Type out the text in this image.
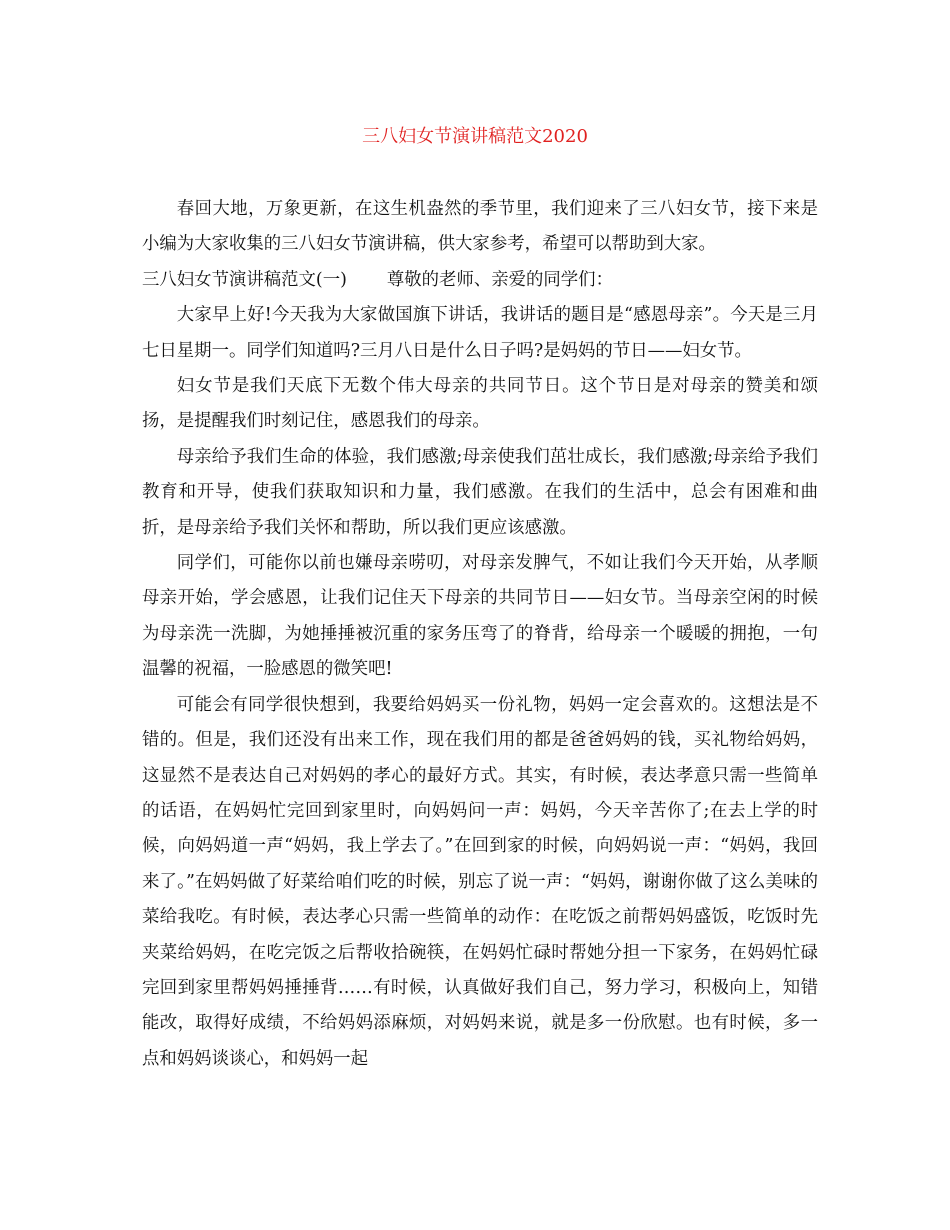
三八妇女节演讲稿范文2020

春回大地，万象更新，在这生机盎然的季节里，我们迎来了三八妇女节，接下来是小编为大家收集的三八妇女节演讲稿，供大家参考，希望可以帮助到大家。

三八妇女节演讲稿范文(一) 尊敬的老师、亲爱的同学们：

大家早上好!今天我为大家做国旗下讲话，我讲话的题目是“感恩母亲”。今天是三月七日星期一。同学们知道吗?三月八日是什么日子吗?是妈妈的节日——妇女节。

妇女节是我们天底下无数个伟大母亲的共同节日。这个节日是对母亲的赞美和颂扬，是提醒我们时刻记住，感恩我们的母亲。

母亲给予我们生命的体验，我们感激;母亲使我们茁壮成长，我们感激;母亲给予我们教育和开导，使我们获取知识和力量，我们感激。在我们的生活中，总会有困难和曲折，是母亲给予我们关怀和帮助，所以我们更应该感激。

同学们，可能你以前也嫌母亲唠叨，对母亲发脾气，不如让我们今天开始，从孝顺母亲开始，学会感恩，让我们记住天下母亲的共同节日——妇女节。当母亲空闲的时候为母亲洗一洗脚，为她捶捶被沉重的家务压弯了的脊背，给母亲一个暖暖的拥抱，一句温馨的祝福，一脸感恩的微笑吧!

可能会有同学很快想到，我要给妈妈买一份礼物，妈妈一定会喜欢的。这想法是不错的。但是，我们还没有出来工作，现在我们用的都是爸爸妈妈的钱，买礼物给妈妈，这显然不是表达自己对妈妈的孝心的最好方式。其实，有时候，表达孝意只需一些简单的话语，在妈妈忙完回到家里时，向妈妈问一声：妈妈，今天辛苦你了;在去上学的时候，向妈妈道一声“妈妈，我上学去了。”在回到家的时候，向妈妈说一声：“妈妈，我回来了。”在妈妈做了好菜给咱们吃的时候，别忘了说一声：“妈妈，谢谢你做了这么美味的菜给我吃。有时候，表达孝心只需一些简单的动作：在吃饭之前帮妈妈盛饭，吃饭时先夹菜给妈妈，在吃完饭之后帮收拾碗筷，在妈妈忙碌时帮她分担一下家务，在妈妈忙碌完回到家里帮妈妈捶捶背……有时候，认真做好我们自己，努力学习，积极向上，知错能改，取得好成绩，不给妈妈添麻烦，对妈妈来说，就是多一份欣慰。也有时候，多一点和妈妈谈谈心，和妈妈一起
